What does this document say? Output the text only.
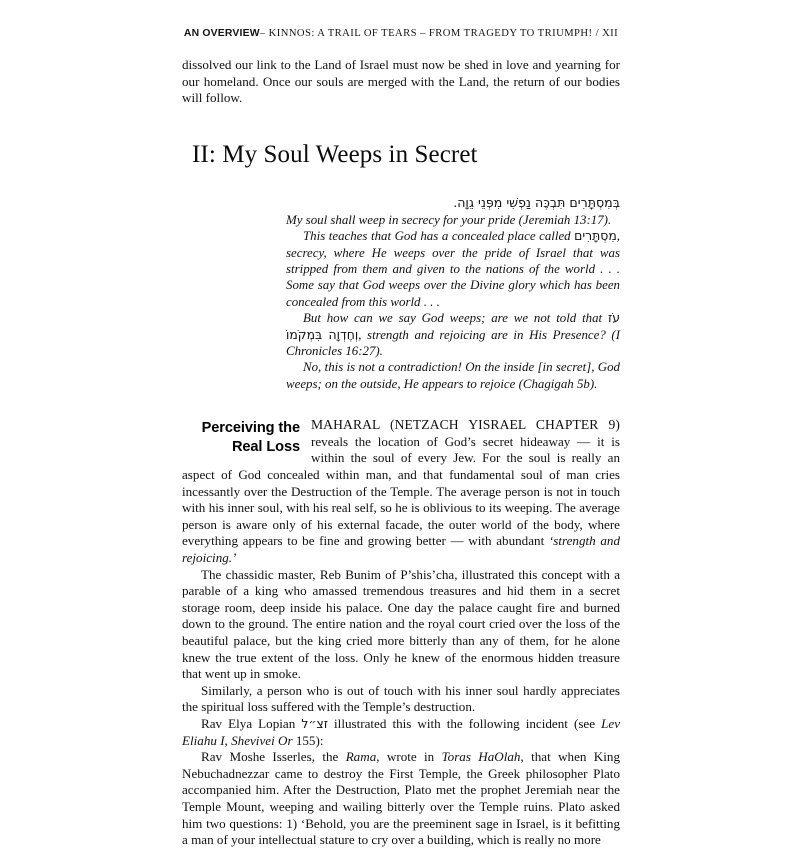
AN OVERVIEW– KINNOS: A TRAIL OF TEARS – FROM TRAGEDY TO TRIUMPH! / XII

dissolved our link to the Land of Israel must now be shed in love and yearning for our homeland. Once our souls are merged with the Land, the return of our bodies will follow.

II: My Soul Weeps in Secret
בְּמִסְתָּרִים תִּבְכֶּה נַפְשִׁי מִפְּנֵי גֵוָה.

My soul shall weep in secrecy for your pride (Jeremiah 13:17).

This teaches that God has a concealed place called מִסְתָּרִים, secrecy, where He weeps over the pride of Israel that was stripped from them and given to the nations of the world . . . Some say that God weeps over the Divine glory which has been concealed from this world . . .

But how can we say God weeps; are we not told that עֹז וְחֶדְוָה בִּמְקֹמוֹ, strength and rejoicing are in His Presence? (I Chronicles 16:27).

No, this is not a contradiction! On the inside [in secret], God weeps; on the outside, He appears to rejoice (Chagigah 5b).

Perceiving the
Real Loss
MAHARAL (NETZACH YISRAEL CHAPTER 9) reveals the location of God’s secret hideaway — it is within the soul of every Jew. For the soul is really an aspect of God concealed within man, and that fundamental soul of man cries incessantly over the Destruction of the Temple. The average person is not in touch with his inner soul, with his real self, so he is oblivious to its weeping. The average person is aware only of his external facade, the outer world of the body, where everything appears to be fine and growing better — with abundant ‘strength and rejoicing.’

The chassidic master, Reb Bunim of P’shis’cha, illustrated this concept with a parable of a king who amassed tremendous treasures and hid them in a secret storage room, deep inside his palace. One day the palace caught fire and burned down to the ground. The entire nation and the royal court cried over the loss of the beautiful palace, but the king cried more bitterly than any of them, for he alone knew the true extent of the loss. Only he knew of the enormous hidden treasure that went up in smoke.

Similarly, a person who is out of touch with his inner soul hardly appreciates the spiritual loss suffered with the Temple’s destruction.

Rav Elya Lopian זצ״ל illustrated this with the following incident (see Lev Eliahu I, Shevivei Or 155):

Rav Moshe Isserles, the Rama, wrote in Toras HaOlah, that when King Nebuchadnezzar came to destroy the First Temple, the Greek philosopher Plato accompanied him. After the Destruction, Plato met the prophet Jeremiah near the Temple Mount, weeping and wailing bitterly over the Temple ruins. Plato asked him two questions: 1) ‘Behold, you are the preeminent sage in Israel, is it befitting a man of your intellectual stature to cry over a building, which is really no more
